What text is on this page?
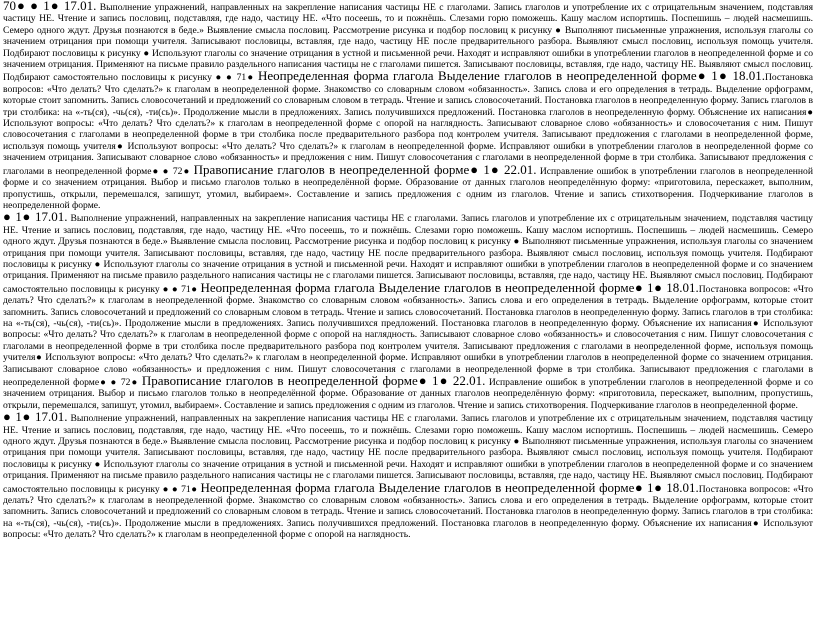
70● ● 1● 17.01. Выполнение упражнений, направленных на закрепление написания частицы НЕ с глаголами. Запись глаголов и употребление их с отрицательным значением, подставляя частицу НЕ. Чтение и запись пословиц, подставляя, где надо, частицу НЕ. «Что посеешь, то и пожнёшь. Слезами горю поможешь. Кашу маслом испортишь. Поспешишь – людей насмешишь. Семеро одного ждут. Друзья познаются в беде.» Выявление смысла пословиц. Рассмотрение рисунка и подбор пословиц к рисунку ● Выполняют письменные упражнения, используя глаголы со значением отрицания при помощи учителя. Записывают пословицы, вставляя, где надо, частицу НЕ после предварительного разбора. Выявляют смысл пословиц, используя помощь учителя. Подбирают пословицы к рисунку ● Используют глаголы со значение отрицания в устной и письменной речи. Находят и исправляют ошибки в употреблении глаголов в неопределенной форме и со значением отрицания. Применяют на письме правило раздельного написания частицы не с глаголами пишется. Записывают пословицы, вставляя, где надо, частицу НЕ. Выявляют смысл пословиц. Подбирают самостоятельно пословицы к рисунку ● ● 71● Неопределенная форма глагола Выделение глаголов в неопределенной форме● 1● 18.01.Постановка вопросов: «Что делать? Что сделать?» к глаголам в неопределенной форме. Знакомство со словарным словом «обязанность». Запись слова и его определения в тетрадь. Выделение орфограмм, которые стоит запомнить. Запись словосочетаний и предложений со словарным словом в тетрадь. Чтение и запись словосочетаний. Постановка глаголов в неопределенную форму. Запись глаголов в три столбика: на «-ть(ся), -чь(ся), -ти(сь)». Продолжение мысли в предложениях. Запись получившихся предложений. Постановка глаголов в неопределенную форму. Объяснение их написания● Используют вопросы: «Что делать? Что сделать?» к глаголам в неопределенной форме с опорой на наглядность. Записывают словарное слово «обязанность» и словосочетания с ним. Пишут словосочетания с глаголами в неопределенной форме в три столбика после предварительного разбора под контролем учителя. Записывают предложения с глаголами в неопределенной форме, используя помощь учителя● Используют вопросы: «Что делать? Что сделать?» к глаголам в неопределенной форме. Исправляют ошибки в употреблении глаголов в неопределенной форме со значением отрицания. Записывают словарное слово «обязанность» и предложения с ним. Пишут словосочетания с глаголами в неопределенной форме в три столбика. Записывают предложения с глаголами в неопределенной форме● ● 72● Правописание глаголов в неопределенной форме● 1● 22.01. Исправление ошибок в употреблении глаголов в неопределенной форме и со значением отрицания. Выбор и письмо глаголов только в неопределённой форме. Образование от данных глаголов неопределённую форму: «приготовила, перескажет, выполним, пропустишь, открыли, перемешался, запишут, утомил, выбираем». Составление и запись предложения с одним из глаголов. Чтение и запись стихотворения. Подчеркивание глаголов в неопределенной форме.

● 1● 17.01. Выполнение упражнений, направленных на закрепление написания частицы НЕ с глаголами. Запись глаголов и употребление их с отрицательным значением, подставляя частицу НЕ. Чтение и запись пословиц, подставляя, где надо, частицу НЕ. «Что посеешь, то и пожнёшь. Слезами горю поможешь. Кашу маслом испортишь. Поспешишь – людей насмешишь. Семеро одного ждут. Друзья познаются в беде.» Выявление смысла пословиц. Рассмотрение рисунка и подбор пословиц к рисунку ● Выполняют письменные упражнения, используя глаголы со значением отрицания при помощи учителя. Записывают пословицы, вставляя, где надо, частицу НЕ после предварительного разбора. Выявляют смысл пословиц, используя помощь учителя. Подбирают пословицы к рисунку ● Используют глаголы со значение отрицания в устной и письменной речи. Находят и исправляют ошибки в употреблении глаголов в неопределенной форме и со значением отрицания. Применяют на письме правило раздельного написания частицы не с глаголами пишется. Записывают пословицы, вставляя, где надо, частицу НЕ. Выявляют смысл пословиц. Подбирают самостоятельно пословицы к рисунку ● ● 71● Неопределенная форма глагола Выделение глаголов в неопределенной форме● 1● 18.01.Постановка вопросов: «Что делать? Что сделать?» к глаголам в неопределенной форме. Знакомство со словарным словом «обязанность». Запись слова и его определения в тетрадь. Выделение орфограмм, которые стоит запомнить. Запись словосочетаний и предложений со словарным словом в тетрадь. Чтение и запись словосочетаний. Постановка глаголов в неопределенную форму. Запись глаголов в три столбика: на «-ть(ся), -чь(ся), -ти(сь)». Продолжение мысли в предложениях. Запись получившихся предложений. Постановка глаголов в неопределенную форму. Объяснение их написания● Используют вопросы: «Что делать? Что сделать?» к глаголам в неопределенной форме с опорой на наглядность. Записывают словарное слово «обязанность» и словосочетания с ним. Пишут словосочетания с глаголами в неопределенной форме в три столбика после предварительного разбора под контролем учителя. Записывают предложения с глаголами в неопределенной форме, используя помощь учителя● Используют вопросы: «Что делать? Что сделать?» к глаголам в неопределенной форме. Исправляют ошибки в употреблении глаголов в неопределенной форме со значением отрицания. Записывают словарное слово «обязанность» и предложения с ним. Пишут словосочетания с глаголами в неопределенной форме в три столбика. Записывают предложения с глаголами в неопределенной форме● ● 72● Правописание глаголов в неопределенной форме● 1● 22.01. Исправление ошибок в употреблении глаголов в неопределенной форме и со значением отрицания. Выбор и письмо глаголов только в неопределённой форме. Образование от данных глаголов неопределённую форму: «приготовила, перескажет, выполним, пропустишь, открыли, перемешался, запишут, утомил, выбираем». Составление и запись предложения с одним из глаголов. Чтение и запись стихотворения. Подчеркивание глаголов в неопределенной форме.

● 1● 17.01. Выполнение упражнений, направленных на закрепление написания частицы НЕ с глаголами. Запись глаголов и употребление их с отрицательным значением, подставляя частицу НЕ. Чтение и запись пословиц, подставляя, где надо, частицу НЕ. «Что посеешь, то и пожнёшь. Слезами горю поможешь. Кашу маслом испортишь. Поспешишь – людей насмешишь. Семеро одного ждут. Друзья познаются в беде.» Выявление смысла пословиц. Рассмотрение рисунка и подбор пословиц к рисунку ● Выполняют письменные упражнения, используя глаголы со значением отрицания при помощи учителя. Записывают пословицы, вставляя, где надо, частицу НЕ после предварительного разбора. Выявляют смысл пословиц, используя помощь учителя. Подбирают пословицы к рисунку ● Используют глаголы со значение отрицания в устной и письменной речи. Находят и исправляют ошибки в употреблении глаголов в неопределенной форме и со значением отрицания. Применяют на письме правило раздельного написания частицы не с глаголами пишется. Записывают пословицы, вставляя, где надо, частицу НЕ. Выявляют смысл пословиц. Подбирают самостоятельно пословицы к рисунку ● ● 71● Неопределенная форма глагола Выделение глаголов в неопределенной форме● 1● 18.01.Постановка вопросов: «Что делать? Что сделать?» к глаголам в неопределенной форме. Знакомство со словарным словом «обязанность». Запись слова и его определения в тетрадь. Выделение орфограмм, которые стоит запомнить. Запись словосочетаний и предложений со словарным словом в тетрадь. Чтение и запись словосочетаний. Постановка глаголов в неопределенную форму. Запись глаголов в три столбика: на «-ть(ся), -чь(ся), -ти(сь)». Продолжение мысли в предложениях. Запись получившихся предложений. Постановка глаголов в неопределенную форму. Объяснение их написания● Используют вопросы: «Что делать? Что сделать?» к глаголам в неопределенной форме с опорой на наглядность.
